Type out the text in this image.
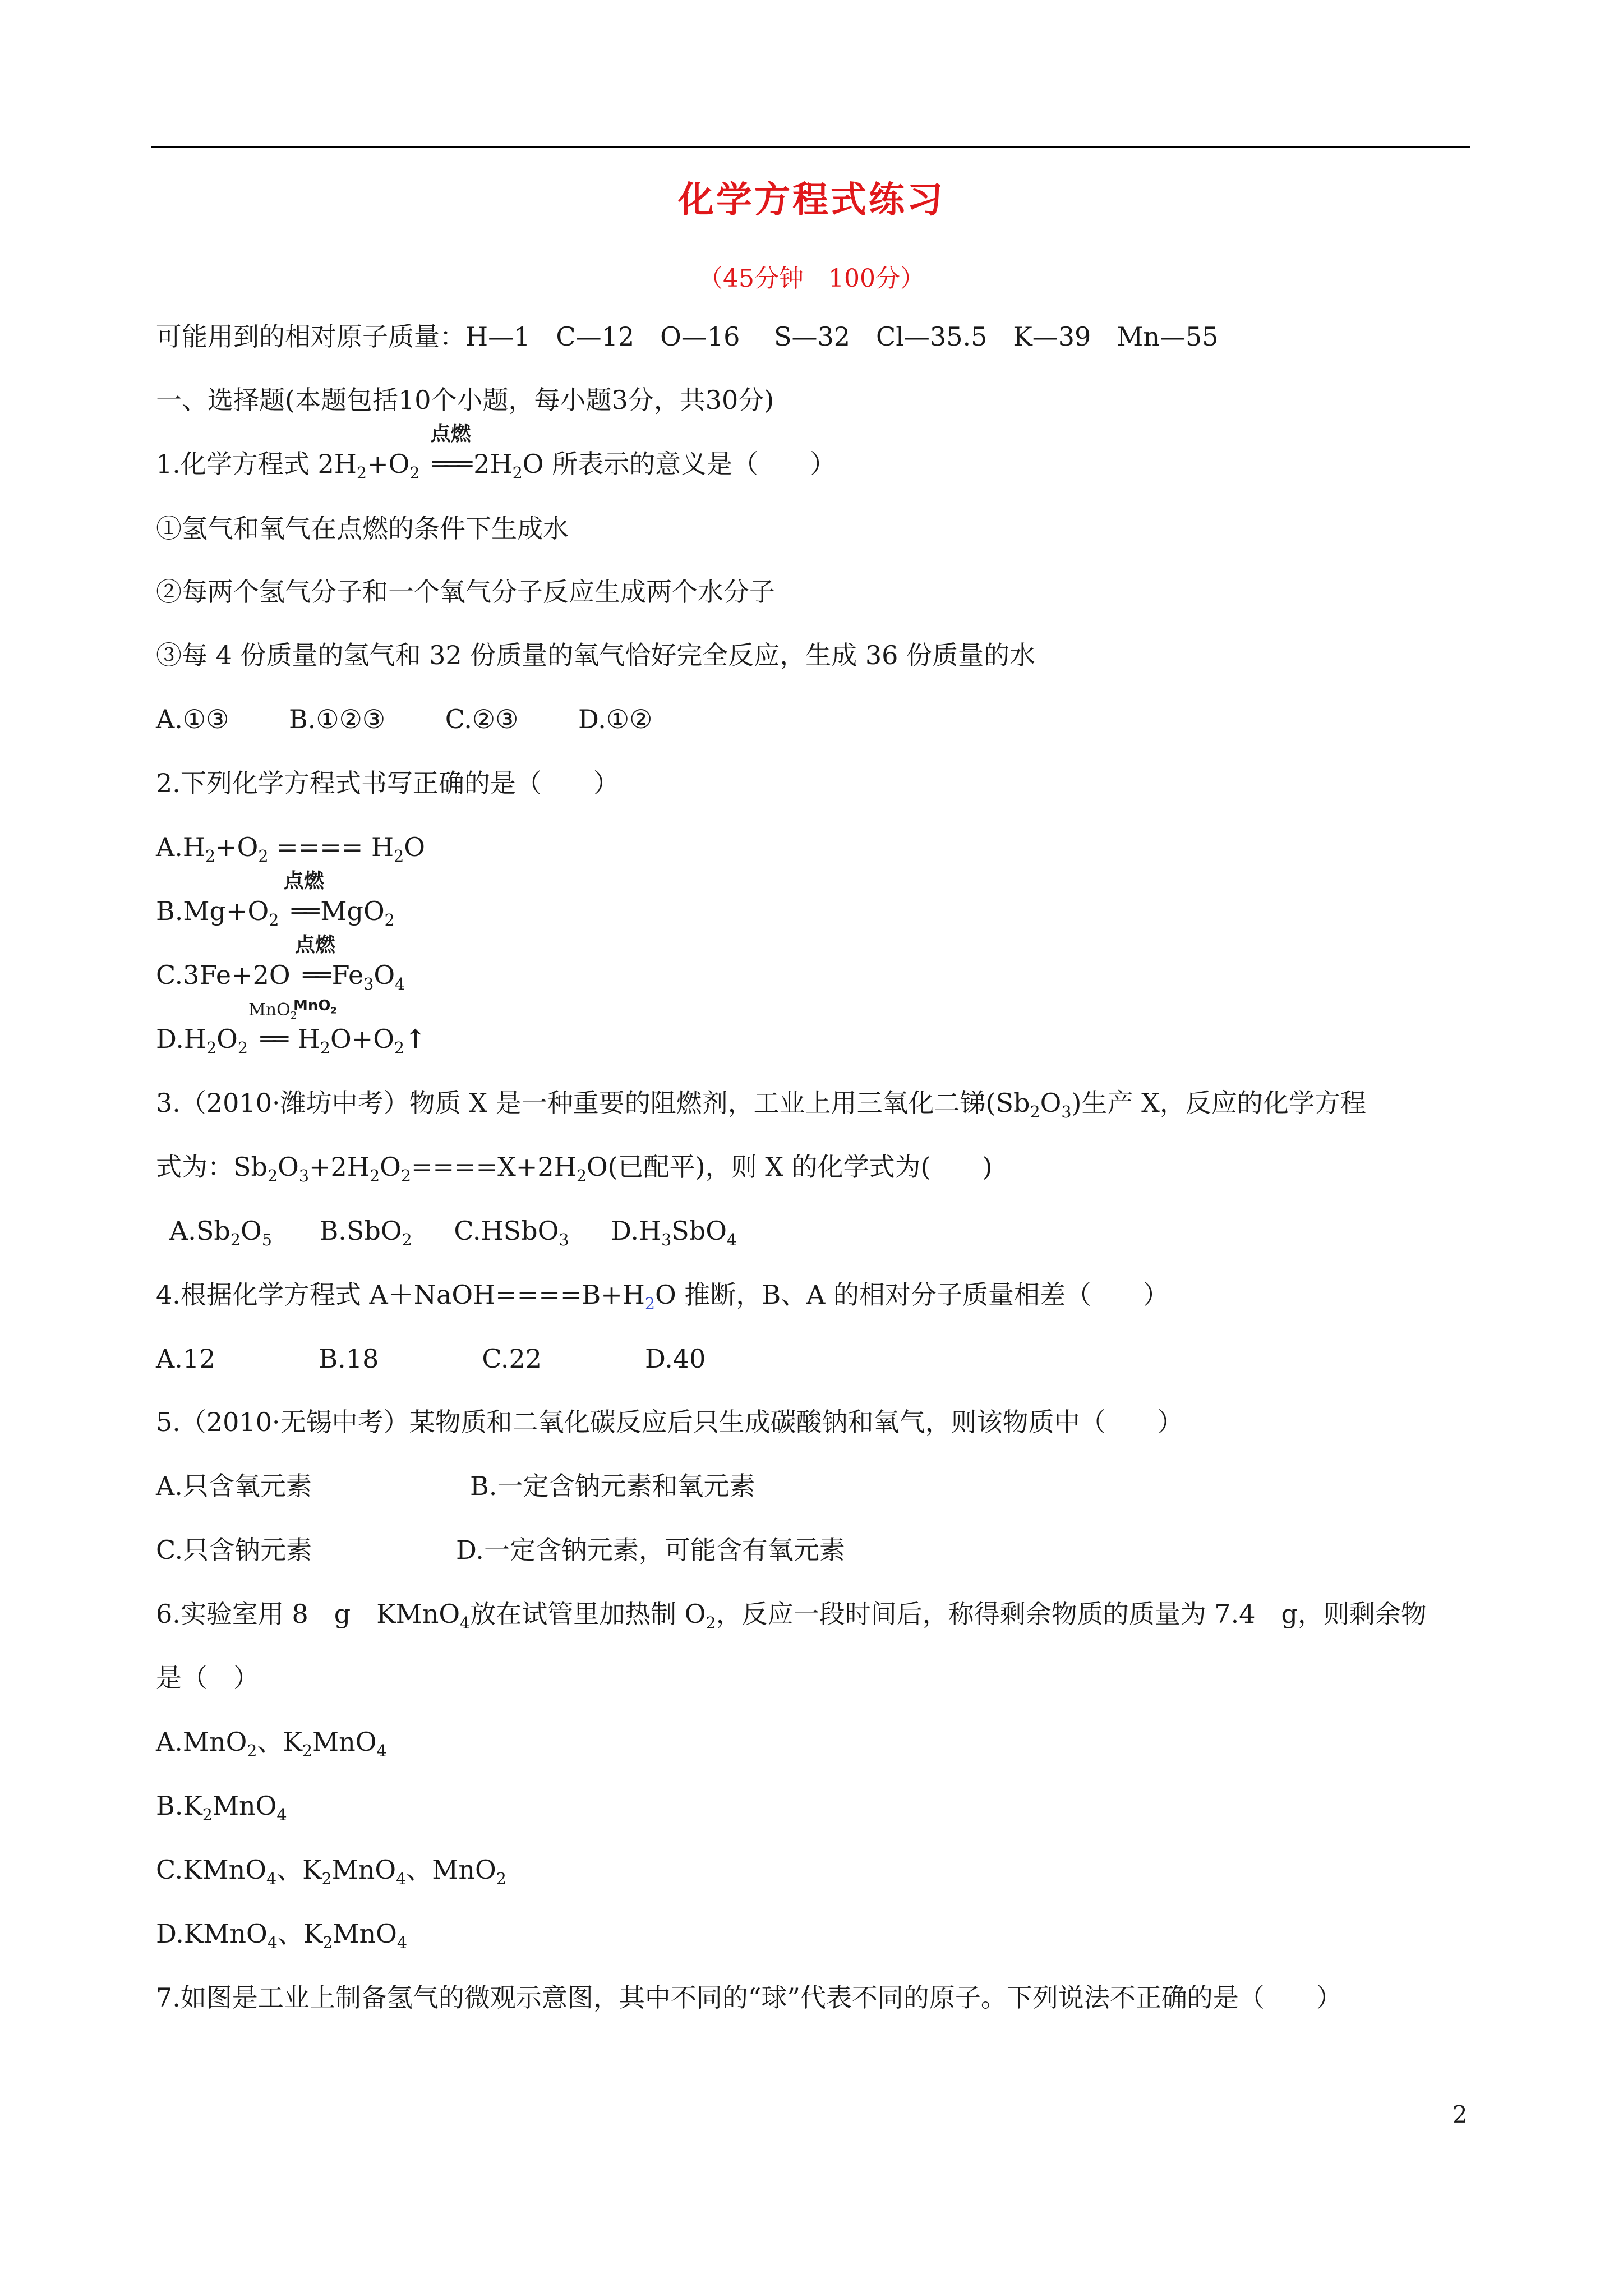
化学方程式练习
（45分钟　100分）
可能用到的相对原子质量：H—1　C—12　O—16　 S—32　Cl—35.5　K—39　Mn—55
一、选择题(本题包括10个小题，每小题3分，共30分)
1.化学方程式 $2H_2+O_2$
点燃
═══ $2H_2O$ 所表示的意义是（　　）
①氢气和氧气在点燃的条件下生成水
②每两个氢气分子和一个氧气分子反应生成两个水分子
③每 4 份质量的氢气和 32 份质量的氧气恰好完全反应，生成 36 份质量的水
A.①③　　 B.①②③　　 C.②③　　 D.①②
2.下列化学方程式书写正确的是（　　）
$A.H_2+O_2$ ==== $H_2O$
$B.Mg+O_2$
点燃
══ MgO$_2$
C.3Fe+2O
点燃
══
MnO$_2$
$Fe_3O_4$
$D.H_2O_2$
MnO$_2$
══ $H_2O+O_2↑$
3.（2010·潍坊中考）物质 X 是一种重要的阻燃剂，工业上用三氧化二锑$(Sb_2O_3)$生产 X，反应的化学方程
式为：$Sb_2O_3+2H_2O_2====X+2H_2O$(已配平)，则 X 的化学式为(　　)
$A.Sb_2O_5$ B.SbO$_2$ C.HSbO$_3$ $D.H_3SbO_4$
4.根据化学方程式 $A+NaOH====B+H_2O$ 推断，B、A 的相对分子质量相差（　　）
A.12　　　　B.18　　　　C.22　　　　D.40
5.（2010·无锡中考）某物质和二氧化碳反应后只生成碳酸钠和氧气，则该物质中（　　）
A.只含氧元素	B.一定含钠元素和氧元素
C.只含钠元素	D.一定含钠元素，可能含有氧元素
6.实验室用 8　g　KMnO$_4$放在试管里加热制 $O_2$，反应一段时间后，称得剩余物质的质量为 7.4　g，则剩余物
是（　）
A.MnO$_2$、$K_2MnO_4$
$B.K_2MnO_4$
C.KMnO$_4$、$K_2MnO_4$、MnO$_2$
D.KMnO$_4$、$K_2MnO_4$
7.如图是工业上制备氢气的微观示意图，其中不同的“球”代表不同的原子。下列说法不正确的是（　　）
2
